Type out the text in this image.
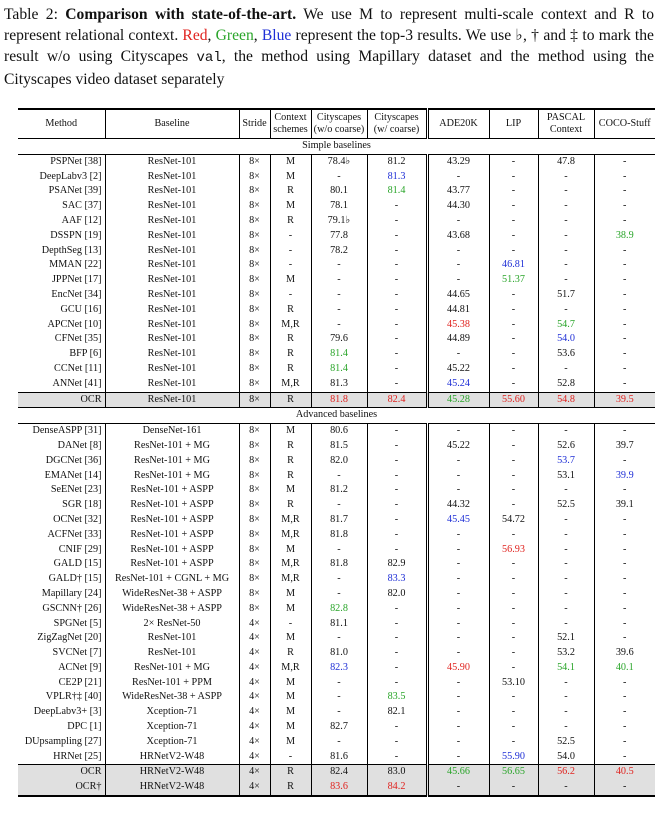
Table 2: Comparison with state-of-the-art. We use M to represent multi-scale context and R to represent relational context. Red, Green, Blue represent the top-3 results. We use ♭, † and ‡ to mark the result w/o using Cityscapes val, the method using Mapillary dataset and the method using the Cityscapes video dataset separately
Method	Baseline	Stride	Context schemes	Cityscapes (w/o coarse)	Cityscapes (w/ coarse)	ADE20K	LIP	PASCAL Context	COCO-Stuff
Simple baselines									
PSPNet [38]	ResNet-101	8×	M	78.4♭	81.2	43.29	-	47.8	-
DeepLabv3 [2]	ResNet-101	8×	M	-	81.3	-	-	-	-
PSANet [39]	ResNet-101	8×	R	80.1	81.4	43.77	-	-	-
SAC [37]	ResNet-101	8×	M	78.1	-	44.30	-	-	-
AAF [12]	ResNet-101	8×	R	79.1♭	-	-	-	-	-
DSSPN [19]	ResNet-101	8×	-	77.8	-	43.68	-	-	38.9
DepthSeg [13]	ResNet-101	8×	-	78.2	-	-	-	-	-
MMAN [22]	ResNet-101	8×	-	-	-	-	46.81	-	-
JPPNet [17]	ResNet-101	8×	M	-	-	-	51.37	-	-
EncNet [34]	ResNet-101	8×	-	-	-	44.65	-	51.7	-
GCU [16]	ResNet-101	8×	R	-	-	44.81	-	-	-
APCNet [10]	ResNet-101	8×	M,R	-	-	45.38	-	54.7	-
CFNet [35]	ResNet-101	8×	R	79.6	-	44.89	-	54.0	-
BFP [6]	ResNet-101	8×	R	81.4	-	-	-	53.6	-
CCNet [11]	ResNet-101	8×	R	81.4	-	45.22	-	-	-
ANNet [41]	ResNet-101	8×	M,R	81.3	-	45.24	-	52.8	-
OCR	ResNet-101	8×	R	81.8	82.4	45.28	55.60	54.8	39.5
Advanced baselines									
DenseASPP [31]	DenseNet-161	8×	M	80.6	-	-	-	-	-
DANet [8]	ResNet-101 + MG	8×	R	81.5	-	45.22	-	52.6	39.7
DGCNet [36]	ResNet-101 + MG	8×	R	82.0	-	-	-	53.7	-
EMANet [14]	ResNet-101 + MG	8×	R	-	-	-	-	53.1	39.9
SeENet [23]	ResNet-101 + ASPP	8×	M	81.2	-	-	-	-	-
SGR [18]	ResNet-101 + ASPP	8×	R	-	-	44.32	-	52.5	39.1
OCNet [32]	ResNet-101 + ASPP	8×	M,R	81.7	-	45.45	54.72	-	-
ACFNet [33]	ResNet-101 + ASPP	8×	M,R	81.8	-	-	-	-	-
CNIF [29]	ResNet-101 + ASPP	8×	M	-	-	-	56.93	-	-
GALD [15]	ResNet-101 + ASPP	8×	M,R	81.8	82.9	-	-	-	-
GALD† [15]	ResNet-101 + CGNL + MG	8×	M,R	-	83.3	-	-	-	-
Mapillary [24]	WideResNet-38 + ASPP	8×	M	-	82.0	-	-	-	-
GSCNN† [26]	WideResNet-38 + ASPP	8×	M	82.8	-	-	-	-	-
SPGNet [5]	2× ResNet-50	4×	-	81.1	-	-	-	-	-
ZigZagNet [20]	ResNet-101	4×	M	-	-	-	-	52.1	-
SVCNet [7]	ResNet-101	4×	R	81.0	-	-	-	53.2	39.6
ACNet [9]	ResNet-101 + MG	4×	M,R	82.3	-	45.90	-	54.1	40.1
CE2P [21]	ResNet-101 + PPM	4×	M	-	-	-	53.10	-	-
VPLR†‡ [40]	WideResNet-38 + ASPP	4×	M	-	83.5	-	-	-	-
DeepLabv3+ [3]	Xception-71	4×	M	-	82.1	-	-	-	-
DPC [1]	Xception-71	4×	M	82.7	-	-	-	-	-
DUpsampling [27]	Xception-71	4×	M	-	-	-	-	52.5	-
HRNet [25]	HRNetV2-W48	4×	-	81.6	-	-	55.90	54.0	-
OCR	HRNetV2-W48	4×	R	82.4	83.0	45.66	56.65	56.2	40.5
OCR†	HRNetV2-W48	4×	R	83.6	84.2	-	-	-	-
